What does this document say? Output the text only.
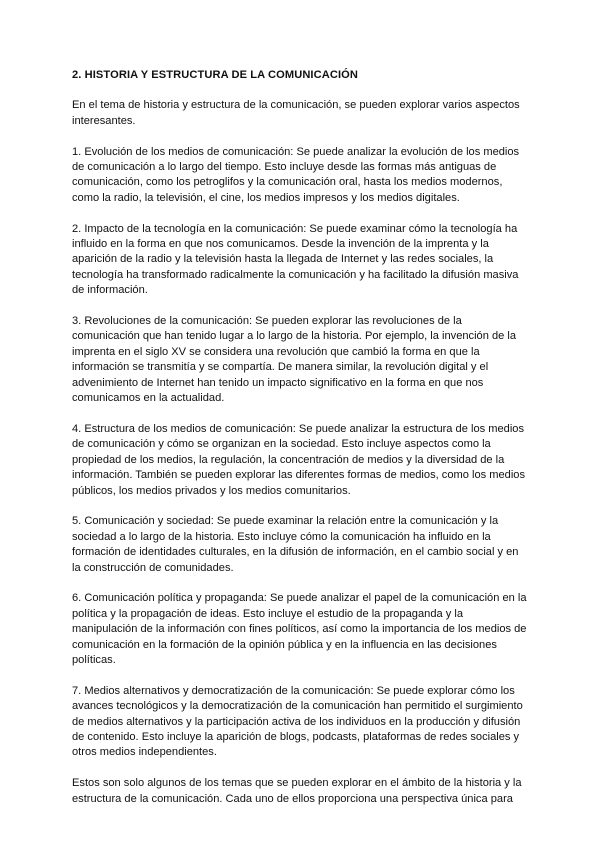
2. HISTORIA Y ESTRUCTURA DE LA COMUNICACIÓN

En el tema de historia y estructura de la comunicación, se pueden explorar varios aspectos interesantes.

1. Evolución de los medios de comunicación: Se puede analizar la evolución de los medios de comunicación a lo largo del tiempo. Esto incluye desde las formas más antiguas de comunicación, como los petroglifos y la comunicación oral, hasta los medios modernos, como la radio, la televisión, el cine, los medios impresos y los medios digitales.

2. Impacto de la tecnología en la comunicación: Se puede examinar cómo la tecnología ha influido en la forma en que nos comunicamos. Desde la invención de la imprenta y la aparición de la radio y la televisión hasta la llegada de Internet y las redes sociales, la tecnología ha transformado radicalmente la comunicación y ha facilitado la difusión masiva de información.

3. Revoluciones de la comunicación: Se pueden explorar las revoluciones de la comunicación que han tenido lugar a lo largo de la historia. Por ejemplo, la invención de la imprenta en el siglo XV se considera una revolución que cambió la forma en que la información se transmitía y se compartía. De manera similar, la revolución digital y el advenimiento de Internet han tenido un impacto significativo en la forma en que nos comunicamos en la actualidad.

4. Estructura de los medios de comunicación: Se puede analizar la estructura de los medios de comunicación y cómo se organizan en la sociedad. Esto incluye aspectos como la propiedad de los medios, la regulación, la concentración de medios y la diversidad de la información. También se pueden explorar las diferentes formas de medios, como los medios públicos, los medios privados y los medios comunitarios.

5. Comunicación y sociedad: Se puede examinar la relación entre la comunicación y la sociedad a lo largo de la historia. Esto incluye cómo la comunicación ha influido en la formación de identidades culturales, en la difusión de información, en el cambio social y en la construcción de comunidades.

6. Comunicación política y propaganda: Se puede analizar el papel de la comunicación en la política y la propagación de ideas. Esto incluye el estudio de la propaganda y la manipulación de la información con fines políticos, así como la importancia de los medios de comunicación en la formación de la opinión pública y en la influencia en las decisiones políticas.

7. Medios alternativos y democratización de la comunicación: Se puede explorar cómo los avances tecnológicos y la democratización de la comunicación han permitido el surgimiento de medios alternativos y la participación activa de los individuos en la producción y difusión de contenido. Esto incluye la aparición de blogs, podcasts, plataformas de redes sociales y otros medios independientes.

Estos son solo algunos de los temas que se pueden explorar en el ámbito de la historia y la estructura de la comunicación. Cada uno de ellos proporciona una perspectiva única para
